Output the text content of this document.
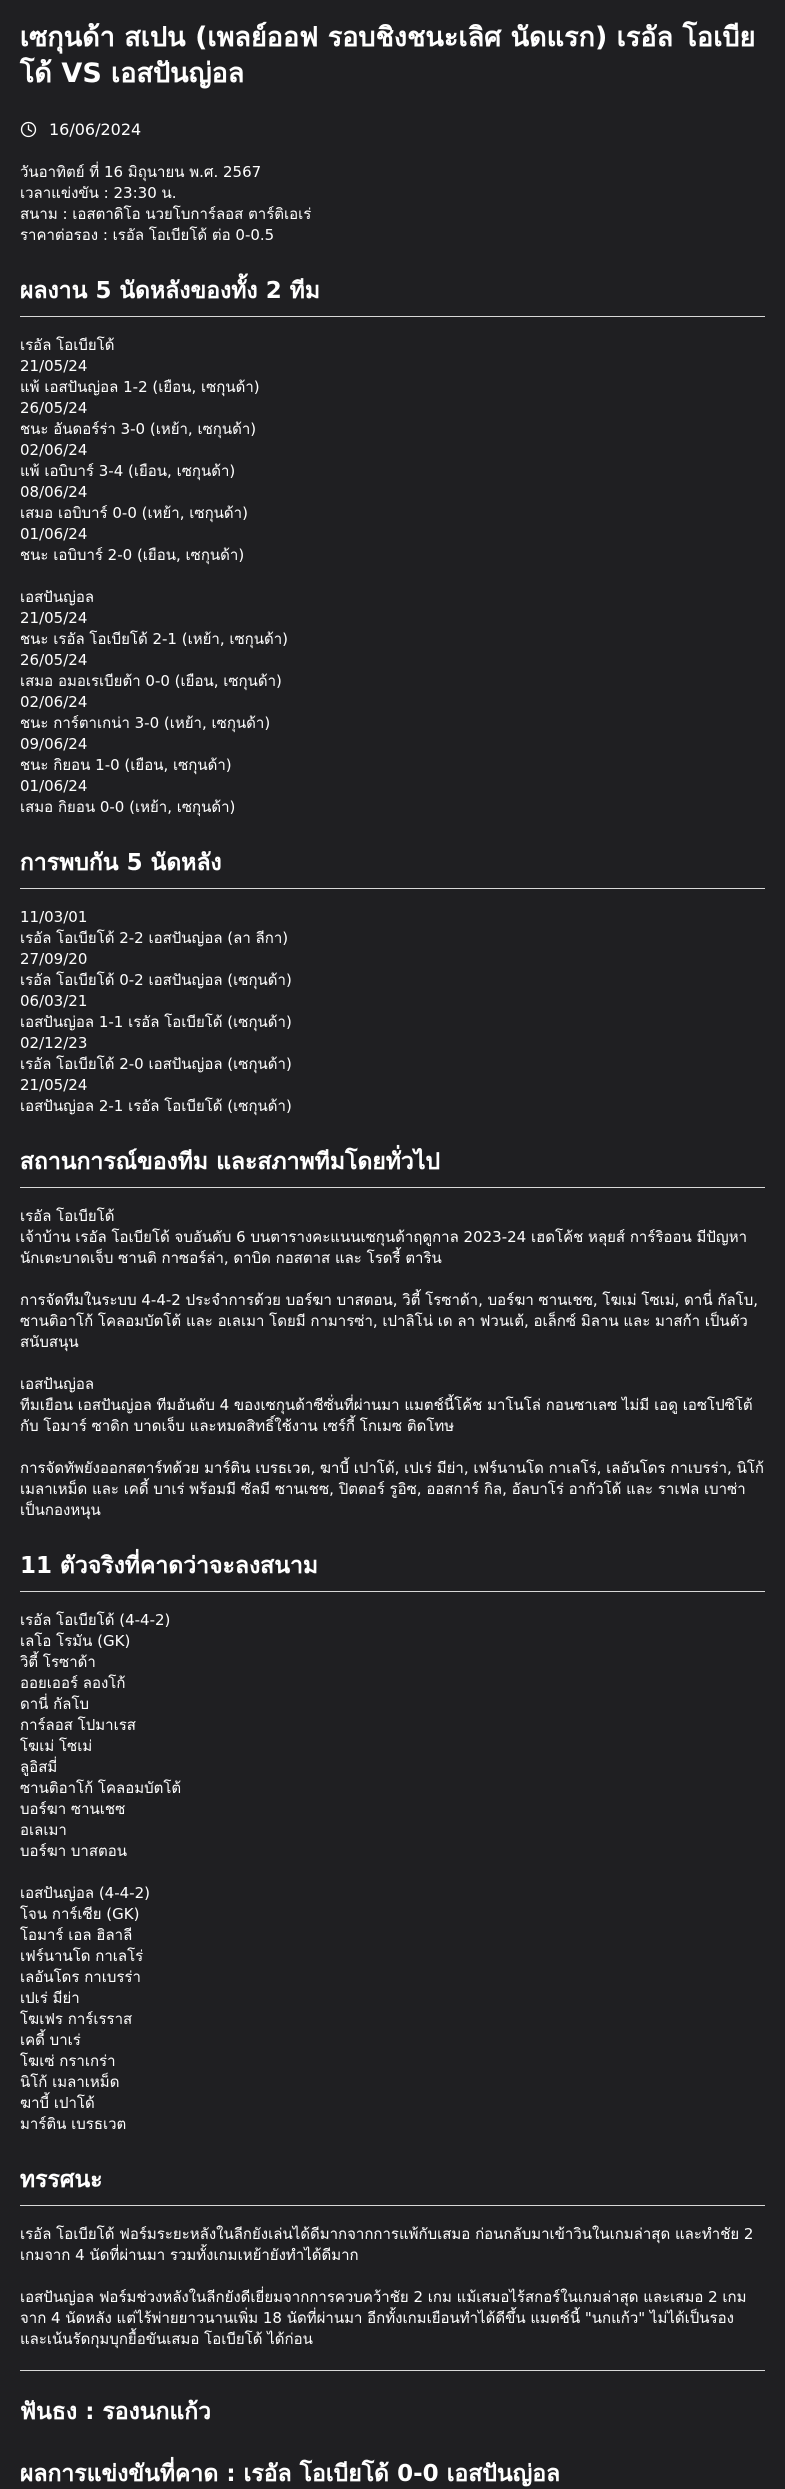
เซกุนด้า สเปน (เพลย์ออฟ รอบชิงชนะเลิศ นัดแรก) เรอัล โอเบียโด้ VS เอสปันญ่อล
16/06/2024
วันอาทิตย์ ที่ 16 มิถุนายน พ.ศ. 2567
เวลาแข่งขัน : 23:30 น.
สนาม : เอสตาดิโอ นวยโบการ์ลอส ตาร์ติเอเร่
ราคาต่อรอง : เรอัล โอเบียโด้ ต่อ 0-0.5
ผลงาน 5 นัดหลังของทั้ง 2 ทีม
เรอัล โอเบียโด้
21/05/24
แพ้ เอสปันญ่อล 1-2 (เยือน, เซกุนด้า)
26/05/24
ชนะ อันดอร์ร่า 3-0 (เหย้า, เซกุนด้า)
02/06/24
แพ้ เอบิบาร์ 3-4 (เยือน, เซกุนด้า)
08/06/24
เสมอ เอบิบาร์ 0-0 (เหย้า, เซกุนด้า)
01/06/24
ชนะ เอบิบาร์ 2-0 (เยือน, เซกุนด้า)
เอสปันญ่อล
21/05/24
ชนะ เรอัล โอเบียโด้ 2-1 (เหย้า, เซกุนด้า)
26/05/24
เสมอ อมอเรเบียต้า 0-0 (เยือน, เซกุนด้า)
02/06/24
ชนะ การ์ตาเกน่า 3-0 (เหย้า, เซกุนด้า)
09/06/24
ชนะ กิยอน 1-0 (เยือน, เซกุนด้า)
01/06/24
เสมอ กิยอน 0-0 (เหย้า, เซกุนด้า)
การพบกัน 5 นัดหลัง
11/03/01
เรอัล โอเบียโด้ 2-2 เอสปันญ่อล (ลา ลีกา)
27/09/20
เรอัล โอเบียโด้ 0-2 เอสปันญ่อล (เซกุนด้า)
06/03/21
เอสปันญ่อล 1-1 เรอัล โอเบียโด้ (เซกุนด้า)
02/12/23
เรอัล โอเบียโด้ 2-0 เอสปันญ่อล (เซกุนด้า)
21/05/24
เอสปันญ่อล 2-1 เรอัล โอเบียโด้ (เซกุนด้า)
สถานการณ์ของทีม และสภาพทีมโดยทั่วไป
เรอัล โอเบียโด้
เจ้าบ้าน เรอัล โอเบียโด้ จบอันดับ 6 บนตารางคะแนนเซกุนด้าฤดูกาล 2023-24 เฮดโค้ช หลุยส์ การ์ริออน มีปัญหานักเตะบาดเจ็บ ซานติ กาซอร์ล่า, ดาบิด กอสตาส และ โรดรี้ ตาริน
การจัดทีมในระบบ 4-4-2 ประจำการด้วย บอร์ฆา บาสตอน, วิตี้ โรซาด้า, บอร์ฆา ซานเชซ, โฆเม่ โซเม่, ดานี่ กัลโบ, ซานติอาโก้ โคลอมบัตโต้ และ อเลเมา โดยมี กามารซ่า, เปาลิโน่ เด ลา ฟวนเต้, อเล็กซ์ มิลาน และ มาสก้า เป็นตัวสนับสนุน
เอสปันญ่อล
ทีมเยือน เอสปันญ่อล ทีมอันดับ 4 ของเซกุนด้าซีซั่นที่ผ่านมา แมตช์นี้โค้ช มาโนโล่ กอนซาเลซ ไม่มี เอดู เอซโปซิโต้ กับ โอมาร์ ซาดิก บาดเจ็บ และหมดสิทธิ์ใช้งาน เซร์กี้ โกเมซ ติดโทษ
การจัดทัพยังออกสตาร์ทด้วย มาร์ติน เบรธเวต, ฆาบี้ เปาโด้, เปเร่ มีย่า, เฟร์นานโด กาเลโร่, เลอันโดร กาเบรร่า, นิโก้ เมลาเหม็ด และ เคดี้ บาเร่ พร้อมมี ซัลมี ซานเชซ, ปิตตอร์ รูอิซ, ออสการ์ กิล, อัลบาโร่ อากัวโด้ และ ราเฟล เบาซ่า เป็นกองหนุน
11 ตัวจริงที่คาดว่าจะลงสนาม
เรอัล โอเบียโด้ (4-4-2)
เลโอ โรมัน (GK)
วิตี้ โรซาด้า
ออยเออร์ ลองโก้
ดานี่ กัลโบ
การ์ลอส โปมาเรส
โฆเม่ โซเม่
ลูอิสมี่
ซานติอาโก้ โคลอมบัตโต้
บอร์ฆา ซานเชซ
อเลเมา
บอร์ฆา บาสตอน
เอสปันญ่อล (4-4-2)
โจน การ์เซีย (GK)
โอมาร์ เอล ฮิลาลี
เฟร์นานโด กาเลโร่
เลอันโดร กาเบรร่า
เปเร่ มีย่า
โฆเฟร การ์เรราส
เคดี้ บาเร่
โฆเซ่ กราเกร่า
นิโก้ เมลาเหม็ด
ฆาบี้ เปาโด้
มาร์ติน เบรธเวต
ทรรศนะ
เรอัล โอเบียโด้ ฟอร์มระยะหลังในลีกยังเล่นได้ดีมากจากการแพ้กับเสมอ ก่อนกลับมาเข้าวินในเกมล่าสุด และทำชัย 2 เกมจาก 4 นัดที่ผ่านมา รวมทั้งเกมเหย้ายังทำได้ดีมาก
เอสปันญ่อล ฟอร์มช่วงหลังในลีกยังดีเยี่ยมจากการควบคว้าชัย 2 เกม แม้เสมอไร้สกอร์ในเกมล่าสุด และเสมอ 2 เกมจาก 4 นัดหลัง แต่ไร้พ่ายยาวนานเพิ่ม 18 นัดที่ผ่านมา อีกทั้งเกมเยือนทำได้ดีขึ้น แมตช์นี้ "นกแก้ว" ไม่ได้เป็นรอง และเน้นรัดกุมบุกยื้อขันเสมอ โอเบียโด้ ได้ก่อน
ฟันธง : รองนกแก้ว
ผลการแข่งขันที่คาด : เรอัล โอเบียโด้ 0-0 เอสปันญ่อล
